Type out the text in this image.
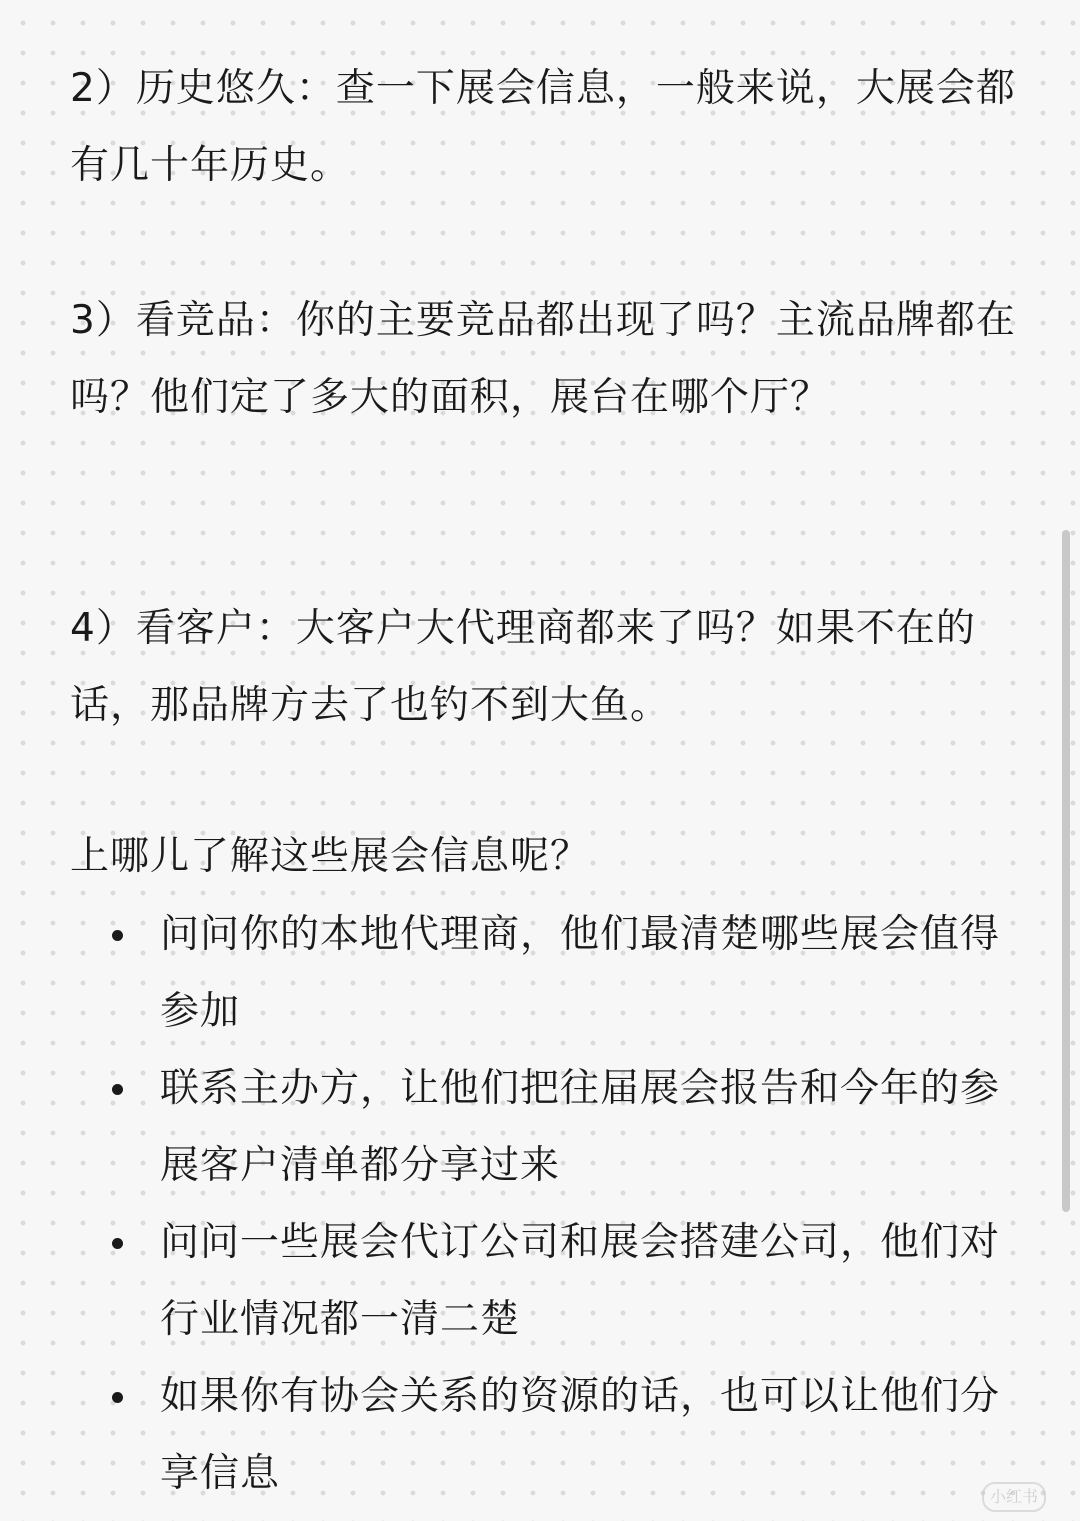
2）历史悠久：查一下展会信息，一般来说，大展会都有几十年历史。

3）看竞品：你的主要竞品都出现了吗？主流品牌都在吗？他们定了多大的面积，展台在哪个厅？

4）看客户：大客户大代理商都来了吗？如果不在的话，那品牌方去了也钓不到大鱼。

上哪儿了解这些展会信息呢？

问问你的本地代理商，他们最清楚哪些展会值得参加
联系主办方，让他们把往届展会报告和今年的参展客户清单都分享过来
问问一些展会代订公司和展会搭建公司，他们对行业情况都一清二楚
如果你有协会关系的资源的话，也可以让他们分享信息
小红书
